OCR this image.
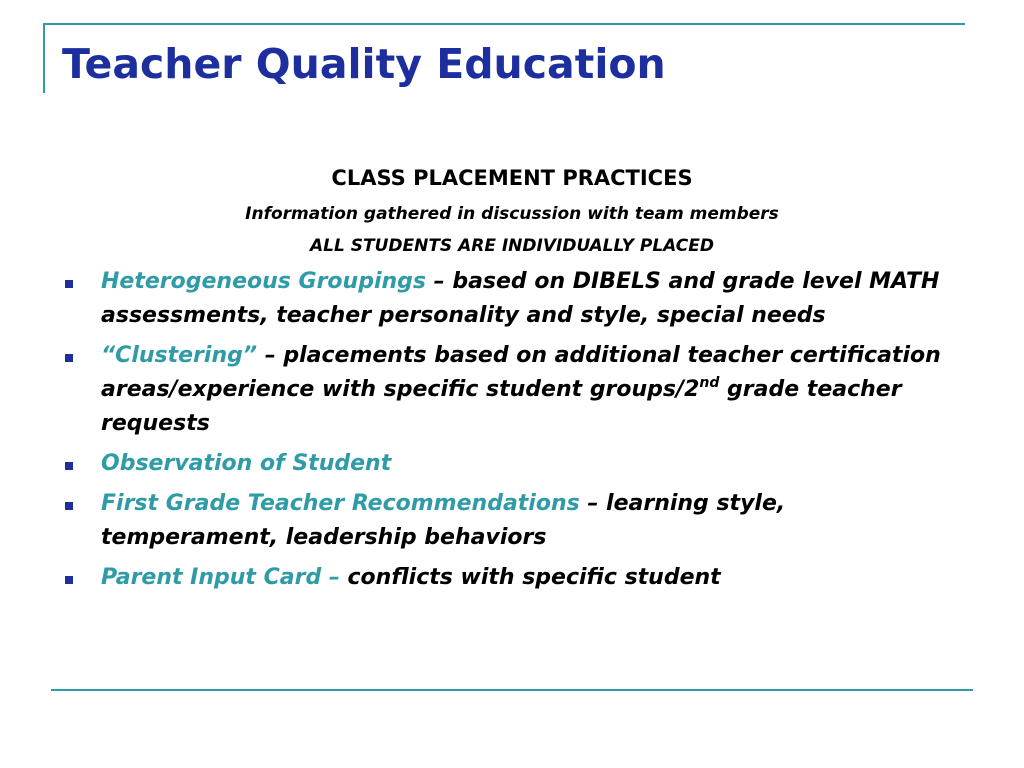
Teacher Quality Education
CLASS PLACEMENT PRACTICES
Information gathered in discussion with team members
ALL STUDENTS ARE INDIVIDUALLY PLACED
Heterogeneous Groupings – based on DIBELS and grade level MATH assessments, teacher personality and style, special needs
“Clustering” – placements based on additional teacher certification areas/experience with specific student groups/2nd grade teacher requests
Observation of Student
First Grade Teacher Recommendations – learning style, temperament, leadership behaviors
Parent Input Card – conflicts with specific student
